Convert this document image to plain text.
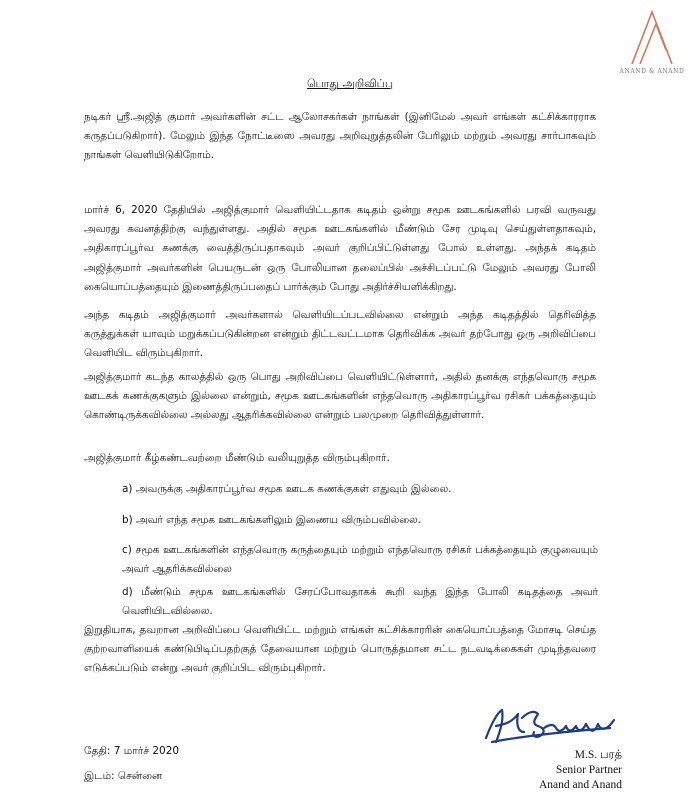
ANAND & ANAND
பொது அறிவிப்பு

நடிகர் ஸ்ரீ.அஜித் குமார் அவர்களின் சட்ட ஆலோசகர்கள் நாங்கள் (இனிமேல் அவர் எங்கள் கட்சிக்காரராக கருதப்படுகிறார்). மேலும் இந்த நோட்டீஸை அவரது அறிவுறுத்தலின் பேரிலும் மற்றும் அவரது சார்பாகவும் நாங்கள் வெளியிடுகிறோம்.

மார்ச் 6, 2020 தேதியில் அஜித்குமார் வெளியிட்டதாக கடிதம் ஒன்று சமூக ஊடகங்களில் பரவி வருவது அவரது கவனத்திற்கு வந்துள்ளது. அதில் சமூக ஊடகங்களில் மீண்டும் சேர முடிவு செய்துள்ளதாகவும், அதிகாரப்பூர்வ கணக்கு வைத்திருப்பதாகவும் அவர் குறிப்பிட்டுள்ளது போல் உள்ளது. அந்தக் கடிதம் அஜித்குமார் அவர்களின் பெயருடன் ஒரு போலியான தலைப்பில் அச்சிடப்பட்டு மேலும் அவரது போலி கையொப்பத்தையும் இணைத்திருப்பதைப் பார்க்கும் போது அதிர்ச்சியளிக்கிறது.

அந்த கடிதம் அஜித்குமார் அவர்களால் வெளியிடப்படவில்லை என்றும் அந்த கடிதத்தில் தெரிவித்த கருத்துக்கள் யாவும் மறுக்கப்படுகின்றன என்றும் திட்டவட்டமாக தெரிவிக்க அவர் தற்போது ஒரு அறிவிப்பை வெளியிட விரும்புகிறார்.

அஜித்குமார் கடந்த காலத்தில் ஒரு பொது அறிவிப்பை வெளியிட்டுள்ளார், அதில் தனக்கு எந்தவொரு சமூக ஊடகக் கணக்குகளும் இல்லை என்றும், சமூக ஊடகங்களின் எந்தவொரு அதிகாரப்பூர்வ ரசிகர் பக்கத்தையும் கொண்டிருக்கவில்லை அல்லது ஆதரிக்கவில்லை என்றும் பலமுறை தெரிவித்துள்ளார்.

அஜித்குமார் கீழ்கண்டவற்றை மீண்டும் வலியுறுத்த விரும்புகிறார்.

a) அவருக்கு அதிகாரப்பூர்வ சமூக ஊடக கணக்குகள் எதுவும் இல்லை.

b) அவர் எந்த சமூக ஊடகங்களிலும் இணைய விரும்பவில்லை.

c) சமூக ஊடகங்களின் எந்தவொரு கருத்தையும் மற்றும் எந்தவொரு ரசிகர் பக்கத்தையும் குழுவையும் அவர் ஆதரிக்கவில்லை

d) மீண்டும் சமூக ஊடகங்களில் சேரப்போவதாகக் கூறி வந்த இந்த போலி கடிதத்தை அவர் வெளியிடவில்லை.

இறுதியாக, தவறான அறிவிப்பை வெளியிட்ட மற்றும் எங்கள் கட்சிக்காரரின் கையொப்பத்தை மோசடி செய்த குற்றவாளியைக் கண்டுபிடிப்பதற்குத் தேவையான மற்றும் பொருத்தமான சட்ட நடவடிக்கைகள் முடிந்தவரை எடுக்கப்படும் என்று அவர் குறிப்பிட விரும்புகிறார்.

தேதி: 7 மார்ச் 2020
இடம்: சென்னை
M.S. பரத்
Senior Partner
Anand and Anand
